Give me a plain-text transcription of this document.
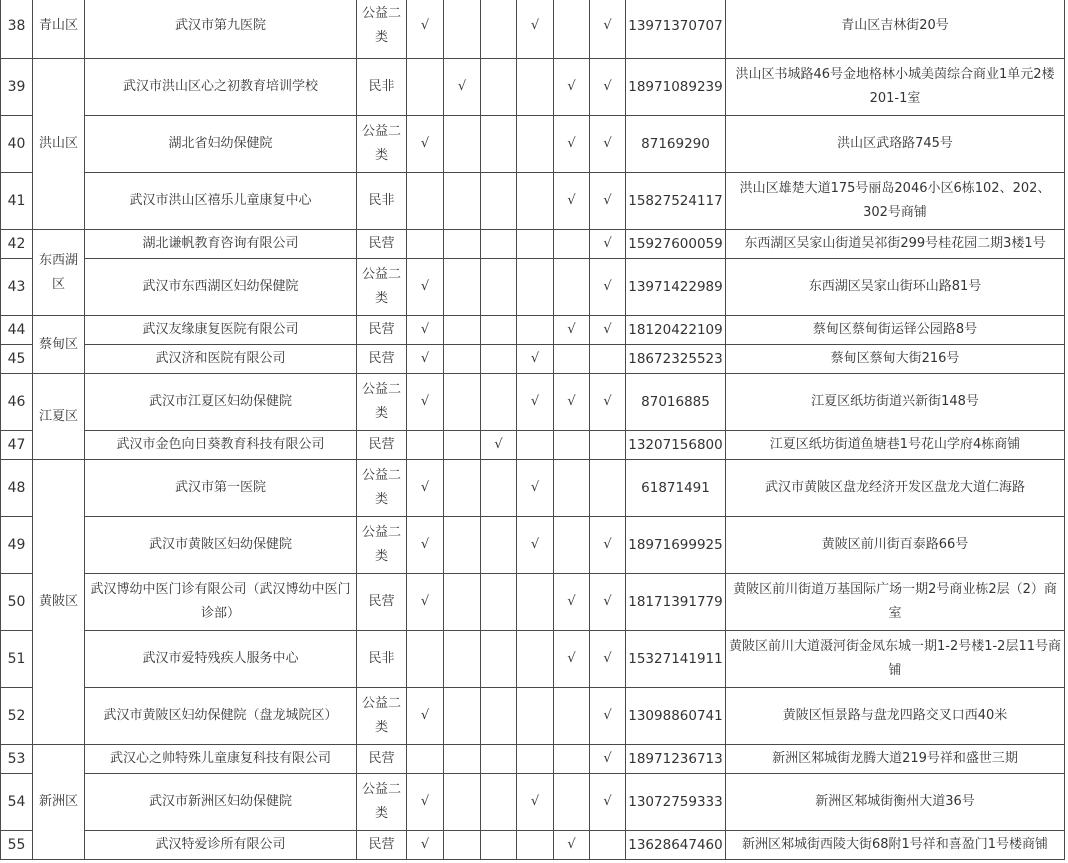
38	青山区	武汉市第九医院	公益二类	√			√		√	13971370707	青山区吉林街20号
39	洪山区	武汉市洪山区心之初教育培训学校	民非		√			√	√	18971089239	洪山区书城路46号金地格林小城美茵综合商业1单元2楼201-1室
40		湖北省妇幼保健院	公益二类	√				√	√	87169290	洪山区武珞路745号
41		武汉市洪山区禧乐儿童康复中心	民非					√	√	15827524117	洪山区雄楚大道175号丽岛2046小区6栋102、202、302号商铺
42	东西湖区	湖北谦帆教育咨询有限公司	民营						√	15927600059	东西湖区吴家山街道吴祁街299号桂花园二期3楼1号
43		武汉市东西湖区妇幼保健院	公益二类	√					√	13971422989	东西湖区吴家山街环山路81号
44	蔡甸区	武汉友缘康复医院有限公司	民营	√				√	√	18120422109	蔡甸区蔡甸街运铎公园路8号
45		武汉济和医院有限公司	民营	√			√			18672325523	蔡甸区蔡甸大街216号
46	江夏区	武汉市江夏区妇幼保健院	公益二类	√			√	√	√	87016885	江夏区纸坊街道兴新街148号
47		武汉市金色向日葵教育科技有限公司	民营			√				13207156800	江夏区纸坊街道鱼塘巷1号花山学府4栋商铺
48	黄陂区	武汉市第一医院	公益二类	√			√			61871491	武汉市黄陂区盘龙经济开发区盘龙大道仁海路
49		武汉市黄陂区妇幼保健院	公益二类	√			√		√	18971699925	黄陂区前川街百泰路66号
50		武汉博幼中医门诊有限公司（武汉博幼中医门诊部）	民营	√				√	√	18171391779	黄陂区前川街道万基国际广场一期2号商业栋2层（2）商室
51		武汉市爱特残疾人服务中心	民非					√	√	15327141911	黄陂区前川大道滠河街金凤东城一期1-2号楼1-2层11号商铺
52		武汉市黄陂区妇幼保健院（盘龙城院区）	公益二类	√					√	13098860741	黄陂区恒景路与盘龙四路交叉口西40米
53	新洲区	武汉心之帅特殊儿童康复科技有限公司	民营						√	18971236713	新洲区邾城街龙腾大道219号祥和盛世三期
54		武汉市新洲区妇幼保健院	公益二类	√			√		√	13072759333	新洲区邾城街衡州大道36号
55		武汉特爱诊所有限公司	民营	√				√		13628647460	新洲区邾城街西陵大街68附1号祥和喜盈门1号楼商铺
